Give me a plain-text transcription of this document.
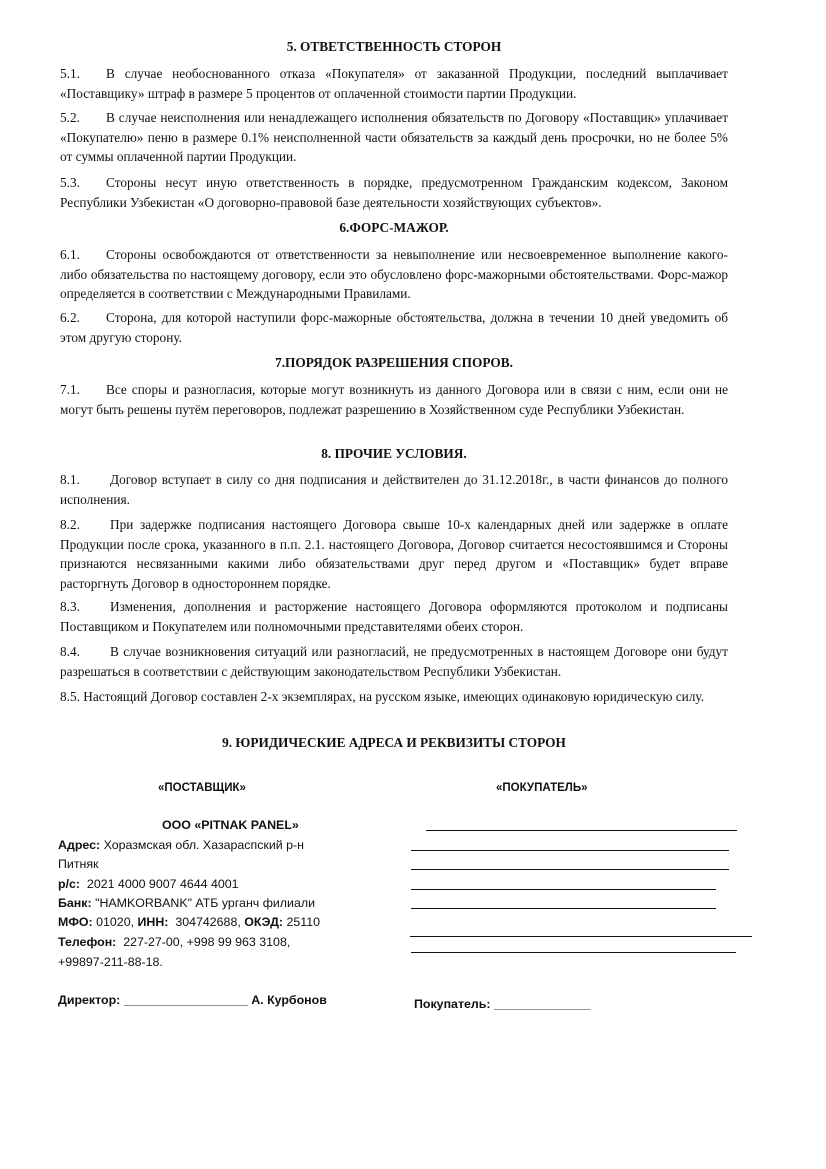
5. ОТВЕТСТВЕННОСТЬ СТОРОН
5.1. В случае необоснованного отказа «Покупателя» от заказанной Продукции, последний выплачивает «Поставщику» штраф в размере 5 процентов от оплаченной стоимости партии Продукции.
5.2. В случае неисполнения или ненадлежащего исполнения обязательств по Договору «Поставщик» уплачивает «Покупателю» пеню в размере 0.1% неисполненной части обязательств за каждый день просрочки, но не более 5% от суммы оплаченной партии Продукции.
5.3. Стороны несут иную ответственность в порядке, предусмотренном Гражданским кодексом, Законом Республики Узбекистан «О договорно-правовой базе деятельности хозяйствующих субъектов».
6.ФОРС-МАЖОР.
6.1. Стороны освобождаются от ответственности за невыполнение или несвоевременное выполнение какого-либо обязательства по настоящему договору, если это обусловлено форс-мажорными обстоятельствами. Форс-мажор определяется в соответствии с Международными Правилами.
6.2. Сторона, для которой наступили форс-мажорные обстоятельства, должна в течении 10 дней уведомить об этом другую сторону.
7.ПОРЯДОК РАЗРЕШЕНИЯ СПОРОВ.
7.1. Все споры и разногласия, которые могут возникнуть из данного Договора или в связи с ним, если они не могут быть решены путём переговоров, подлежат разрешению в Хозяйственном суде Республики Узбекистан.
8. ПРОЧИЕ УСЛОВИЯ.
8.1. Договор вступает в силу со дня подписания и действителен до 31.12.2018г., в части финансов до полного исполнения.
8.2. При задержке подписания настоящего Договора свыше 10-х календарных дней или задержке в оплате Продукции после срока, указанного в п.п. 2.1. настоящего Договора, Договор считается несостоявшимся и Стороны признаются несвязанными какими либо обязательствами друг перед другом и «Поставщик» будет вправе расторгнуть Договор в одностороннем порядке.
8.3. Изменения, дополнения и расторжение настоящего Договора оформляются протоколом и подписаны Поставщиком и Покупателем или полномочными представителями обеих сторон.
8.4. В случае возникновения ситуаций или разногласий, не предусмотренных в настоящем Договоре они будут разрешаться в соответствии с действующим законодательством Республики Узбекистан.
8.5. Настоящий Договор составлен 2-х экземплярах, на русском языке, имеющих одинаковую юридическую силу.
9. ЮРИДИЧЕСКИЕ АДРЕСА И РЕКВИЗИТЫ СТОРОН
«ПОСТАВЩИК»	«ПОКУПАТЕЛЬ»
ООО «PITNAK PANEL»
Адрес: Хоразмская обл. Хазараспский р-н
Питняк
р/с: 2021 4000 9007 4644 4001
Банк: "HAMKORBANK" АТБ урганч филиали
МФО: 01020, ИНН: 304742688, ОКЭД: 25110
Телефон: 227-27-00, +998 99 963 3108,
+99897-211-88-18.
Директор: __________________ А. Курбонов	Покупатель: ______________
